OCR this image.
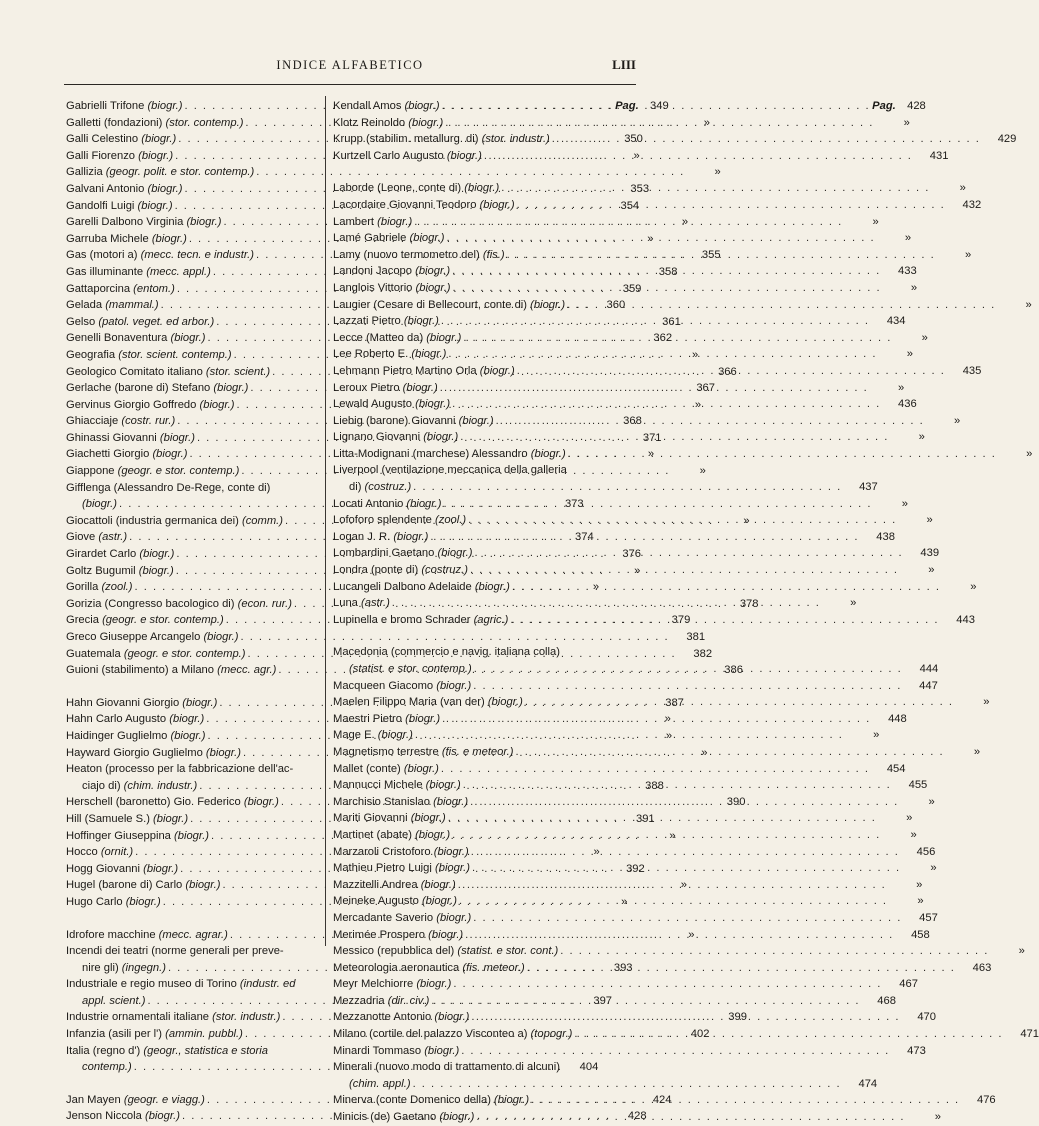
INDICE ALFABETICO	LIII
Gabrielli Trifone (biogr.) . . .	Pag.	349
Galletti (fondazioni) (stor. contemp.) . . .	»
Galli Celestino (biogr.) . . .	350
Galli Fiorenzo (biogr.) . . .	»
Gallizia (geogr. polit. e stor. contemp.) . . .	»
Galvani Antonio (biogr.) . . .	353
Gandolfi Luigi (biogr.) . . .	354
Garelli Dalbono Virginia (biogr.) . . .	»
Garruba Michele (biogr.) . . .	»
Gas (motori a) (mecc. tecn. e industr.) . . .	355
Gas illuminante (mecc. appl.) . . .	358
Gattaporcina (entom.) . . .	359
Gelada (mammal.) . . .	360
Gelso (patol. veget. ed arbor.) . . .	361
Genelli Bonaventura (biogr.) . . .	362
Geografia (stor. scient. contemp.) . . .	»
Geologico Comitato italiano (stor. scient.) . . .	366
Gerlache (barone di) Stefano (biogr.) . . .	367
Gervinus Giorgio Goffredo (biogr.) . . .	»
Ghiacciaje (costr. rur.) . . .	368
Ghinassi Giovanni (biogr.) . . .	371
Giachetti Giorgio (biogr.) . . .	»
Giappone (geogr. e stor. contemp.) . . .	»
Gifflenga (Alessandro De-Rege, conte di)
(biogr.) . . .	373
Giocattoli (industria germanica dei) (comm.) . . .	»
Giove (astr.) . . .	374
Girardet Carlo (biogr.) . . .	376
Goltz Bugumil (biogr.) . . .	»
Gorilla (zool.) . . .	»
Gorizia (Congresso bacologico di) (econ. rur.) . . .	378
Grecia (geogr. e stor. contemp.) . . .	379
Greco Giuseppe Arcangelo (biogr.) . . .	381
Guatemala (geogr. e stor. contemp.) . . .	382
Guioni (stabilimento) a Milano (mecc. agr.) . . .	386
Hahn Giovanni Giorgio (biogr.) . . .	387
Hahn Carlo Augusto (biogr.) . . .	»
Haidinger Guglielmo (biogr.) . . .	»
Hayward Giorgio Guglielmo (biogr.) . . .	»
Heaton (processo per la fabbricazione dell'ac-
ciajo di) (chim. industr.) . . .	388
Herschell (baronetto) Gio. Federico (biogr.) . . .	390
Hill (Samuele S.) (biogr.) . . .	391
Hoffinger Giuseppina (biogr.) . . .	»
Hocco (ornit.) . . .	»
Hogg Giovanni (biogr.) . . .	392
Hugel (barone di) Carlo (biogr.) . . .	»
Hugo Carlo (biogr.) . . .	»
Idrofore macchine (mecc. agrar.) . . .	»
Incendi dei teatri (norme generali per preve-
nire gli) (ingegn.) . . .	393
Industriale e regio museo di Torino (industr. ed
appl. scient.) . . .	397
Industrie ornamentali italiane (stor. industr.) . . .	399
Infanzia (asili per l') (ammin. pubbl.) . . .	402
Italia (regno d') (geogr., statistica e storia
contemp.) . . .	404
Jan Mayen (geogr. e viagg.) . . .	424
Jenson Niccola (biogr.) . . .	428
Kendall Amos (biogr.) . . .	Pag.	428
Klotz Reinoldo (biogr.) . . .	»
Krupp (stabilim. metallurg. di) (stor. industr.) . . .	429
Kurtzell Carlo Augusto (biogr.) . . .	431
Laborde (Leone, conte di) (biogr.) . . .	»
Lacordaire Giovanni Teodoro (biogr.) . . .	432
Lambert (biogr.) . . .	»
Lamé Gabriele (biogr.) . . .	»
Lamy (nuovo termometro del) (fis.) . . .	»
Landoni Jacopo (biogr.) . . .	433
Langlois Vittorio (biogr.) . . .	»
Laugier (Cesare di Bellecourt, conte di) (biogr.) . . .	»
Lazzati Pietro (biogr.) . . .	434
Lecce (Matteo da) (biogr.) . . .	»
Lee Roberto E. (biogr.) . . .	»
Lehmann Pietro Martino Orla (biogr.) . . .	435
Leroux Pietro (biogr.) . . .	»
Lewald Augusto (biogr.) . . .	436
Liebig (barone) Giovanni (biogr.) . . .	»
Lignano Giovanni (biogr.) . . .	»
Litta-Modignani (marchese) Alessandro (biogr.) . . .	»
Liverpool (ventilazione meccanica della galleria
di) (costruz.) . . .	437
Locati Antonio (biogr.) . . .	»
Lofoforo splendente (zool.) . . .	»
Logan J. R. (biogr.) . . .	438
Lombardini Gaetano (biogr.) . . .	439
Londra (ponte di) (costruz.) . . .	»
Lucangeli Dalbono Adelaide (biogr.) . . .	»
Luna (astr.) . . .	»
Lupinella e bromo Schrader (agric.) . . .	443
Macedonia (commercio e navig. italiana colla)
(statist. e stor. contemp.) . . .	444
Macqueen Giacomo (biogr.) . . .	447
Maelen Filippo Maria (van der) (biogr.) . . .	»
Maestri Pietro (biogr.) . . .	448
Mage E. (biogr.) . . .	»
Magnetismo terrestre (fis. e meteor.) . . .	»
Mallet (conte) (biogr.) . . .	454
Mannucci Michele (biogr.) . . .	455
Marchisio Stanislao (biogr.) . . .	»
Mariti Giovanni (biogr.) . . .	»
Martinet (abate) (biogr.) . . .	»
Marzaroli Cristoforo (biogr.) . . .	456
Mathieu Pietro Luigi (biogr.) . . .	»
Mazzitelli Andrea (biogr.) . . .	»
Meineke Augusto (biogr.) . . .	»
Mercadante Saverio (biogr.) . . .	457
Merimée Prospero (biogr.) . . .	458
Messico (repubblica del) (statist. e stor. cont.) . . .	»
Meteorologia aeronautica (fis. meteor.) . . .	463
Meyr Melchiorre (biogr.) . . .	467
Mezzadria (dir. civ.) . . .	468
Mezzanotte Antonio (biogr.) . . .	470
Milano (cortile del palazzo Visconteo a) (topogr.) . . .	471
Minardi Tommaso (biogr.) . . .	473
Minerali (nuovo modo di trattamento di alcuni)
(chim. appl.) . . .	474
Minerva (conte Domenico della) (biogr.) . . .	476
Minicis (de) Gaetano (biogr.) . . .	»
